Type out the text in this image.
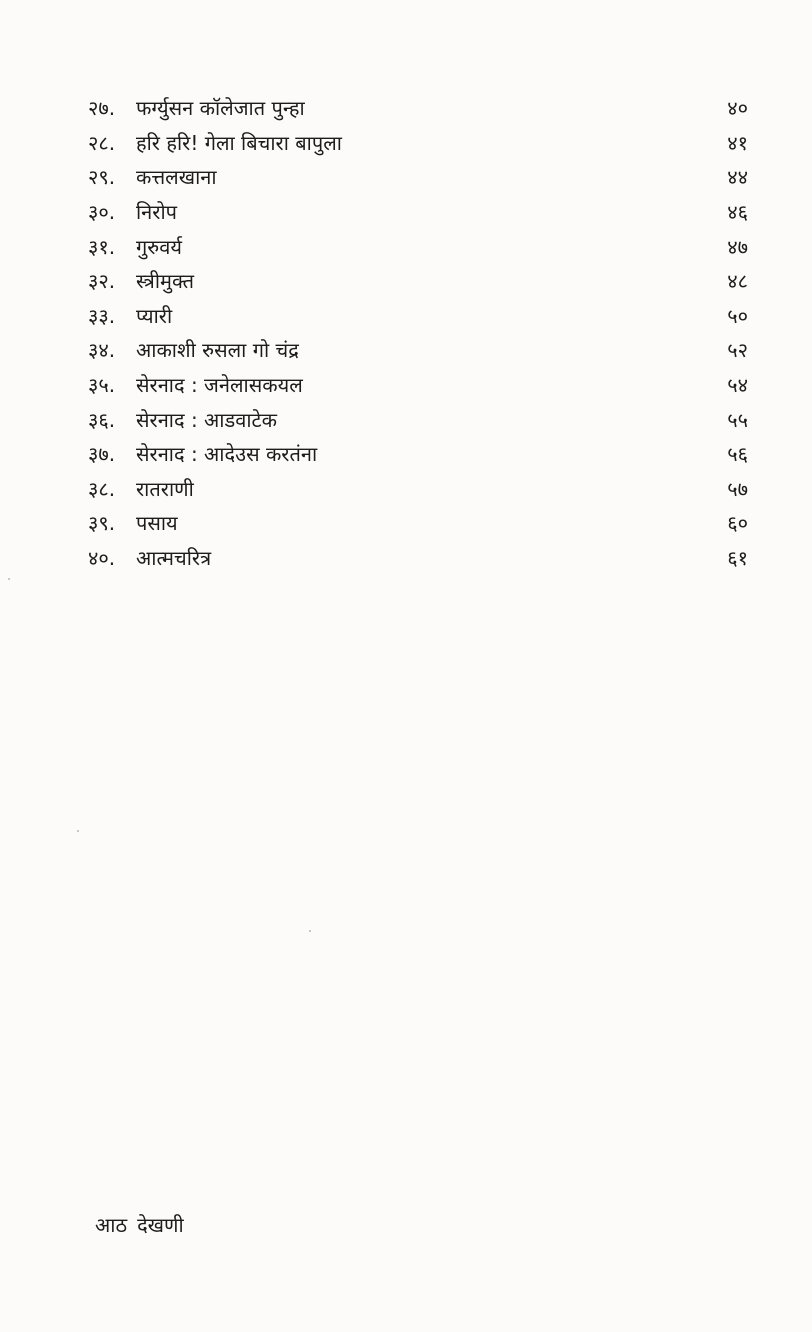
२७.	फर्ग्युसन कॉलेजात पुन्हा	४०
२८.	हरि हरि! गेला बिचारा बापुला	४१
२९.	कत्तलखाना	४४
३०.	निरोप	४६
३१.	गुरुवर्य	४७
३२.	स्त्रीमुक्त	४८
३३.	प्यारी	५०
३४.	आकाशी रुसला गो चंद्र	५२
३५.	सेरनाद : जनेलासकयल	५४
३६.	सेरनाद : आडवाटेक	५५
३७.	सेरनाद : आदेउस करतंना	५६
३८.	रातराणी	५७
३९.	पसाय	६०
४०.	आत्मचरित्र	६१
आठ देखणी
